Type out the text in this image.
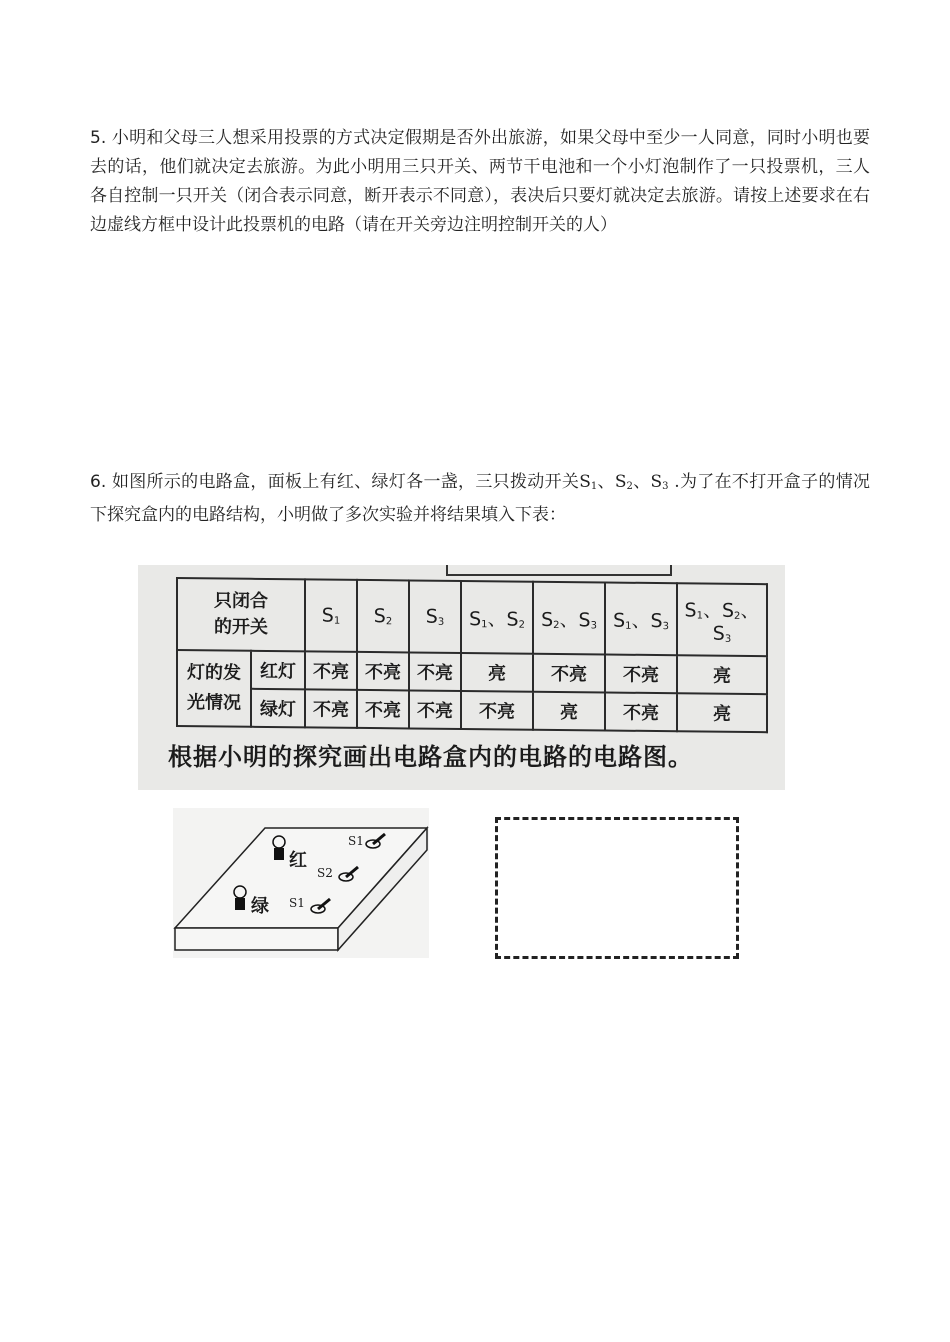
5. 小明和父母三人想采用投票的方式决定假期是否外出旅游，如果父母中至少一人同意，同时小明也要去的话，他们就决定去旅游。为此小明用三只开关、两节干电池和一个小灯泡制作了一只投票机，三人各自控制一只开关（闭合表示同意，断开表示不同意），表决后只要灯就决定去旅游。请按上述要求在右边虚线方框中设计此投票机的电路（请在开关旁边注明控制开关的人）
6. 如图所示的电路盒，面板上有红、绿灯各一盏，三只拨动开关$S_1$、$S_2$、$S_3$ .为了在不打开盒子的情况下探究盒内的电路结构，小明做了多次实验并将结果填入下表：
只闭合
的开关		$S_1$	$S_2$	$S_3$	$S_1$、$S_2$	$S_2$、$S_3$	$S_1$、$S_3$	$S_1$、$S_2$、$S_3$

灯的发
光情况	红灯	不亮	不亮	不亮	亮	不亮	不亮	亮
	绿灯	不亮	不亮	不亮	不亮	亮	不亮	亮
根据小明的探究画出电路盒内的电路的电路图。
红
绿
S1
S2
S1
